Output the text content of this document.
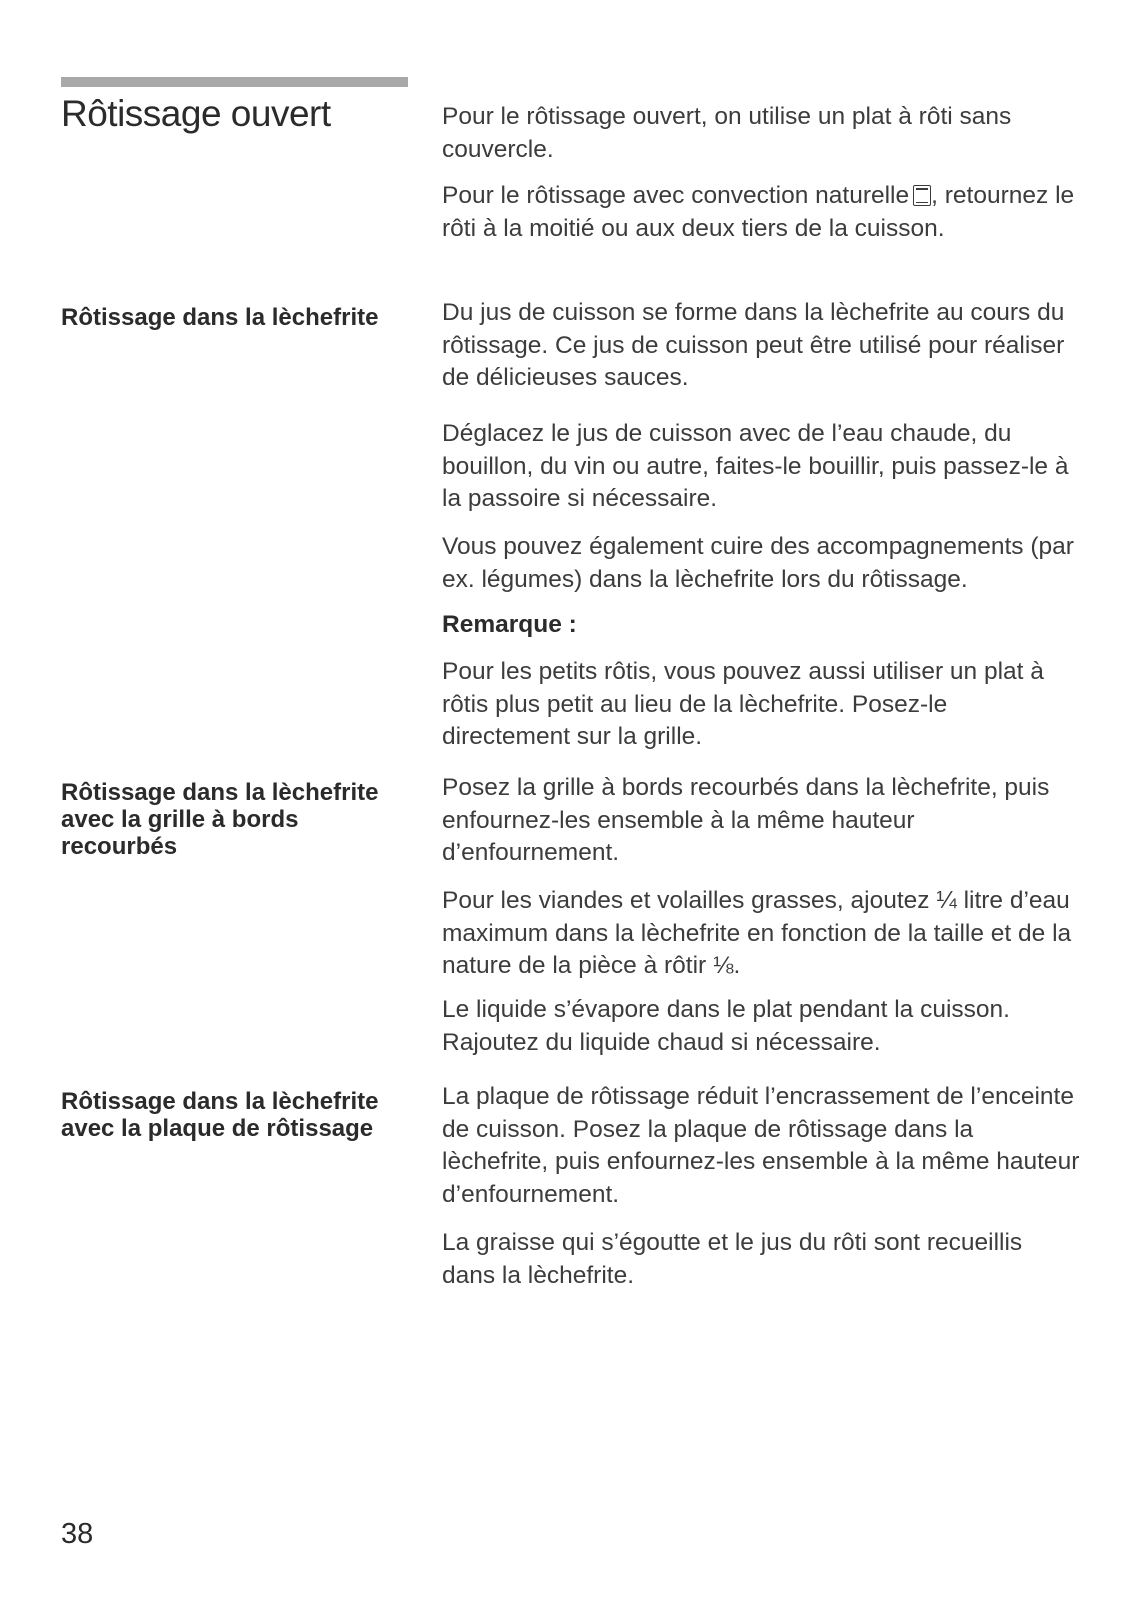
Rôtissage ouvert	Pour le rôtissage ouvert, on utilise un plat à rôti sans couvercle.

Pour le rôtissage avec convection naturelle , retournez le rôti à la moitié ou aux deux tiers de la cuisson.

Rôtissage dans la lèchefrite	Du jus de cuisson se forme dans la lèchefrite au cours du rôtissage. Ce jus de cuisson peut être utilisé pour réaliser de délicieuses sauces.

Déglacez le jus de cuisson avec de l’eau chaude, du bouillon, du vin ou autre, faites-le bouillir, puis passez-le à la passoire si nécessaire.

Vous pouvez également cuire des accompagnements (par ex. légumes) dans la lèchefrite lors du rôtissage.

Remarque :

Pour les petits rôtis, vous pouvez aussi utiliser un plat à rôtis plus petit au lieu de la lèchefrite. Posez-le directement sur la grille.

Rôtissage dans la lèchefrite
avec la grille à bords
recourbés

Posez la grille à bords recourbés dans la lèchefrite, puis enfournez-les ensemble à la même hauteur d’enfournement.

Pour les viandes et volailles grasses, ajoutez ¼ litre d’eau maximum dans la lèchefrite en fonction de la taille et de la nature de la pièce à rôtir ⅛.

Le liquide s’évapore dans le plat pendant la cuisson. Rajoutez du liquide chaud si nécessaire.

Rôtissage dans la lèchefrite
avec la plaque de rôtissage

La plaque de rôtissage réduit l’encrassement de l’enceinte de cuisson. Posez la plaque de rôtissage dans la lèchefrite, puis enfournez-les ensemble à la même hauteur d’enfournement.

La graisse qui s’égoutte et le jus du rôti sont recueillis dans la lèchefrite.

38
